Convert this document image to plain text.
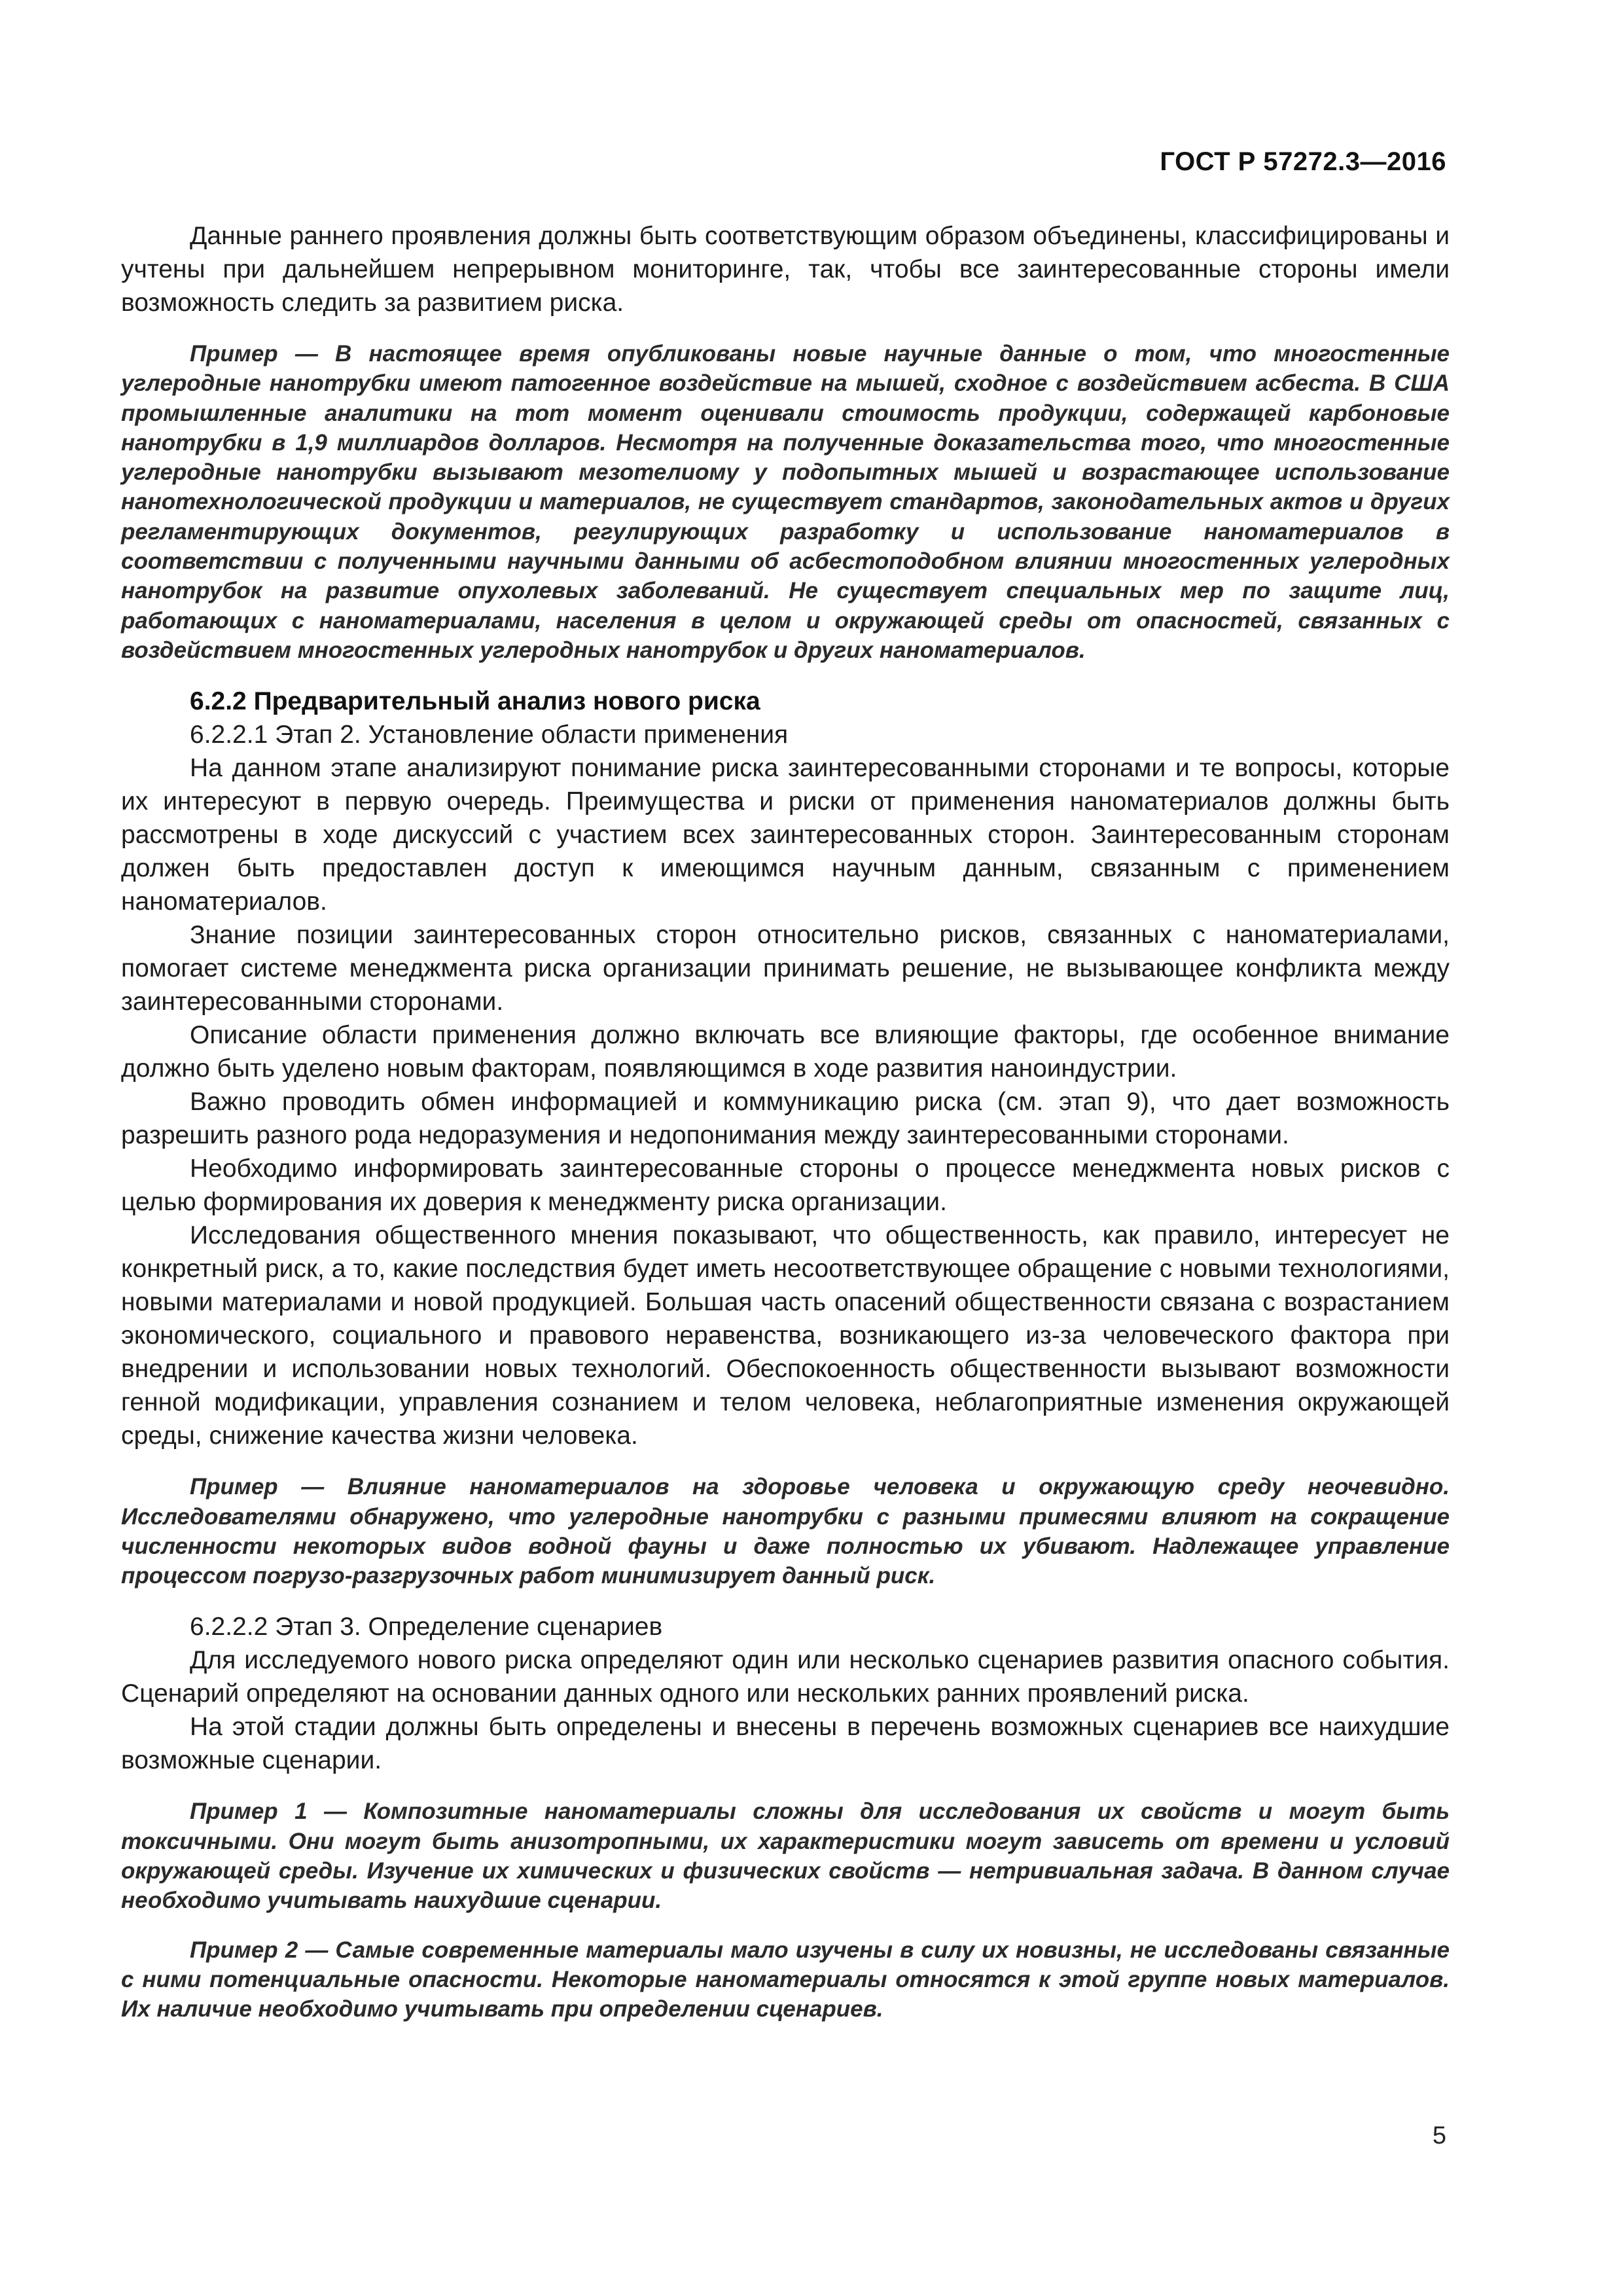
ГОСТ Р 57272.3—2016

Данные раннего проявления должны быть соответствующим образом объединены, классифицированы и учтены при дальнейшем непрерывном мониторинге, так, чтобы все заинтересованные стороны имели возможность следить за развитием риска.

Пример — В настоящее время опубликованы новые научные данные о том, что многостенные углеродные нанотрубки имеют патогенное воздействие на мышей, сходное с воздействием асбеста. В США промышленные аналитики на тот момент оценивали стоимость продукции, содержащей карбоновые нанотрубки в 1,9 миллиардов долларов. Несмотря на полученные доказательства того, что многостенные углеродные нанотрубки вызывают мезотелиому у подопытных мышей и возрастающее использование нанотехнологической продукции и материалов, не существует стандартов, законодательных актов и других регламентирующих документов, регулирующих разработку и использование наноматериалов в соответствии с полученными научными данными об асбестоподобном влиянии многостенных углеродных нанотрубок на развитие опухолевых заболеваний. Не существует специальных мер по защите лиц, работающих с наноматериалами, населения в целом и окружающей среды от опасностей, связанных с воздействием многостенных углеродных нанотрубок и других наноматериалов.

6.2.2 Предварительный анализ нового риска

6.2.2.1 Этап 2. Установление области применения

На данном этапе анализируют понимание риска заинтересованными сторонами и те вопросы, которые их интересуют в первую очередь. Преимущества и риски от применения наноматериалов должны быть рассмотрены в ходе дискуссий с участием всех заинтересованных сторон. Заинтересованным сторонам должен быть предоставлен доступ к имеющимся научным данным, связанным с применением наноматериалов.

Знание позиции заинтересованных сторон относительно рисков, связанных с наноматериалами, помогает системе менеджмента риска организации принимать решение, не вызывающее конфликта между заинтересованными сторонами.

Описание области применения должно включать все влияющие факторы, где особенное внимание должно быть уделено новым факторам, появляющимся в ходе развития наноиндустрии.

Важно проводить обмен информацией и коммуникацию риска (см. этап 9), что дает возможность разрешить разного рода недоразумения и недопонимания между заинтересованными сторонами.

Необходимо информировать заинтересованные стороны о процессе менеджмента новых рисков с целью формирования их доверия к менеджменту риска организации.

Исследования общественного мнения показывают, что общественность, как правило, интересует не конкретный риск, а то, какие последствия будет иметь несоответствующее обращение с новыми технологиями, новыми материалами и новой продукцией. Большая часть опасений общественности связана с возрастанием экономического, социального и правового неравенства, возникающего из-за человеческого фактора при внедрении и использовании новых технологий. Обеспокоенность общественности вызывают возможности генной модификации, управления сознанием и телом человека, неблагоприятные изменения окружающей среды, снижение качества жизни человека.

Пример — Влияние наноматериалов на здоровье человека и окружающую среду неочевидно. Исследователями обнаружено, что углеродные нанотрубки с разными примесями влияют на сокращение численности некоторых видов водной фауны и даже полностью их убивают. Надлежащее управление процессом погрузо-разгрузочных работ минимизирует данный риск.

6.2.2.2 Этап 3. Определение сценариев

Для исследуемого нового риска определяют один или несколько сценариев развития опасного события. Сценарий определяют на основании данных одного или нескольких ранних проявлений риска.

На этой стадии должны быть определены и внесены в перечень возможных сценариев все наихудшие возможные сценарии.

Пример 1 — Композитные наноматериалы сложны для исследования их свойств и могут быть токсичными. Они могут быть анизотропными, их характеристики могут зависеть от времени и условий окружающей среды. Изучение их химических и физических свойств — нетривиальная задача. В данном случае необходимо учитывать наихудшие сценарии.
Пример 2 — Самые современные материалы мало изучены в силу их новизны, не исследованы связанные с ними потенциальные опасности. Некоторые наноматериалы относятся к этой группе новых материалов. Их наличие необходимо учитывать при определении сценариев.
5
